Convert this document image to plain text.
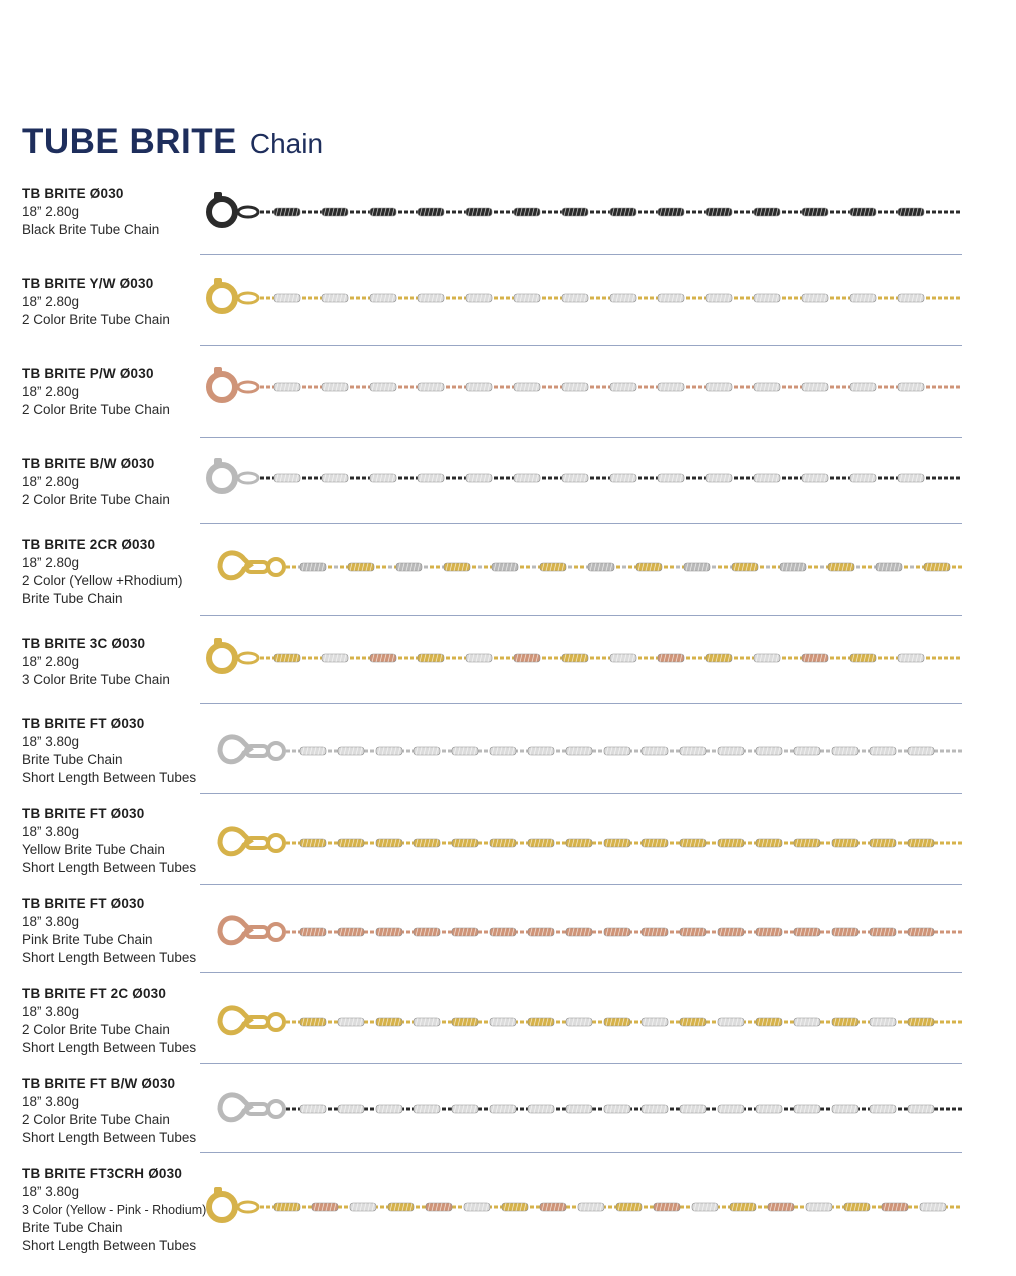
TUBE BRITE Chain
TB BRITE Ø030
18” 2.80g
Black Brite Tube Chain
TB BRITE Y/W Ø030
18” 2.80g
2 Color Brite Tube Chain
TB BRITE P/W Ø030
18” 2.80g
2 Color Brite Tube Chain
TB BRITE B/W Ø030
18” 2.80g
2 Color Brite Tube Chain
TB BRITE 2CR Ø030
18” 2.80g
2 Color (Yellow +Rhodium)
Brite Tube Chain
TB BRITE 3C Ø030
18” 2.80g
3 Color Brite Tube Chain
TB BRITE FT Ø030
18” 3.80g
Brite Tube Chain
Short Length Between Tubes
TB BRITE FT Ø030
18” 3.80g
Yellow Brite Tube Chain
Short Length Between Tubes
TB BRITE FT Ø030
18” 3.80g
Pink Brite Tube Chain
Short Length Between Tubes
TB BRITE FT 2C Ø030
18” 3.80g
2 Color Brite Tube Chain
Short Length Between Tubes
TB BRITE FT B/W Ø030
18” 3.80g
2 Color Brite Tube Chain
Short Length Between Tubes
TB BRITE FT3CRH Ø030
18” 3.80g
3 Color (Yellow - Pink - Rhodium)
Brite Tube Chain
Short Length Between Tubes
